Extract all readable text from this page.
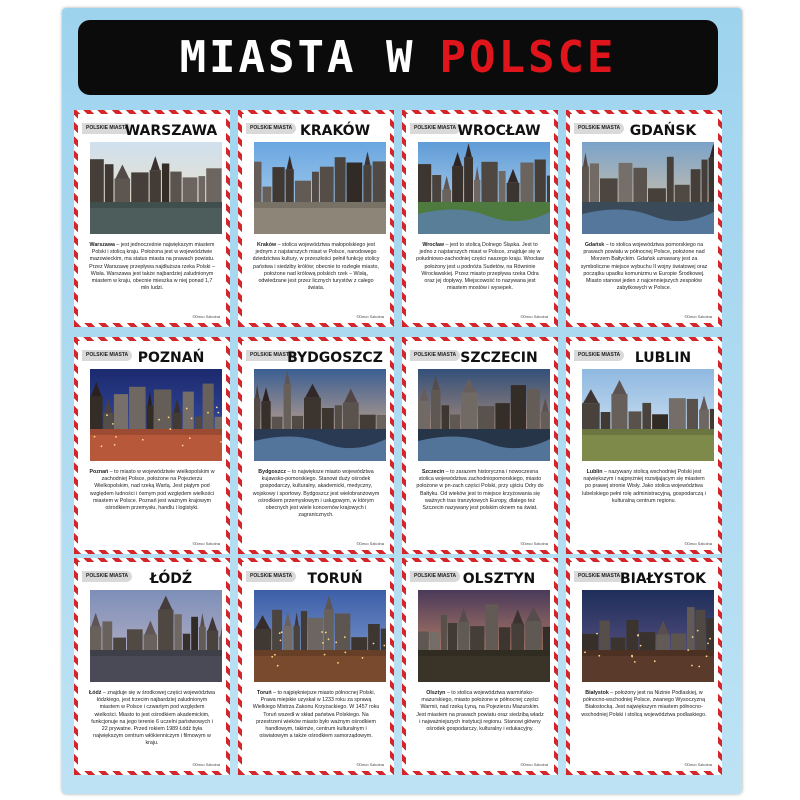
MIASTA W POLSCE
POLSKIE MIASTA
WARSZAWA
Warszawa – jest jednocześnie największym miastem Polski i stolicą kraju. Położona jest w województwie mazowieckim, ma status miasta na prawach powiatu. Przez Warszawę przepływa najdłuższa rzeka Polski – Wisła. Warszawa jest także najbardziej zaludnionym miastem w kraju, obecnie mieszka w niej ponad 1,7 mln ludzi.
©Deco Szkolna
POLSKIE MIASTA KRAKÓW
Kraków – stolica województwa małopolskiego jest jednym z najstarszych miast w Polsce, narodowego dziedzictwa kultury, w przeszłości pełnił funkcję stolicy państwa i siedziby królów; obecnie to rozległe miasto, położone nad królową polskich rzek – Wisłą, odwiedzane jest przez licznych turystów z całego świata.
©Deco Szkolna
POLSKIE MIASTA WROCŁAW
Wrocław – jest to stolicą Dolnego Śląska. Jest to jedno z najstarszych miast w Polsce, znajduje się w południowo-zachodniej części naszego kraju. Wrocław położony jest u podnóża Sudetów, na Równinie Wrocławskiej. Przez miasto przepływa rzeka Odra oraz jej dopływy. Miejscowość to nazywana jest miastem mostów i wysepek.
©Deco Szkolna
POLSKIE MIASTA GDAŃSK
Gdańsk – to stolica województwa pomorskiego na prawach powiatu w północnej Polsce, położone nad Morzem Bałtyckim. Gdańsk uznawany jest za symboliczne miejsce wybuchu II wojny światowej oraz początku upadku komunizmu w Europie Środkowej. Miasto stanowi jeden z najcenniejszych zespołów zabytkowych w Polsce.
©Deco Szkolna
POLSKIE MIASTA POZNAŃ
Poznań – to miasto w województwie wielkopolskim w zachodniej Polsce, położone na Pojezierzu Wielkopolskim, nad rzeką Wartą. Jest piątym pod względem ludności i ósmym pod względem wielkości miastem w Polsce. Poznań jest ważnym krajowym ośrodkiem przemysłu, handlu i logistyki.
©Deco Szkolna
POLSKIE MIASTA
BYDGOSZCZ
Bydgoszcz – to największe miasto województwa kujawsko-pomorskiego. Stanowi duży ośrodek gospodarczy, kulturalny, akademicki, medyczny, wojskowy i sportowy. Bydgoszcz jest wielobranżowym ośrodkiem przemysłowym i usługowym, w którym obecnych jest wiele koncernów krajowych i zagranicznych.
©Deco Szkolna
POLSKIE MIASTA SZCZECIN
Szczecin – to zarazem historyczna i nowoczesna stolica województwa zachodniopomorskiego, miasto położone w pn-zach części Polski, przy ujściu Odry do Bałtyku. Od wieków jest to miejsce krzyżowania się ważnych tras tranzytowych Europy, dlatego też Szczecin nazywany jest polskim oknem na świat.
©Deco Szkolna
POLSKIE MIASTA	LUBLIN
Lublin – nazywany stolicą wschodniej Polski jest największym i najprężniej rozwijającym się miastem po prawej stronie Wisły. Jako stolica województwa lubelskiego pełni rolę administracyjną, gospodarczą i kulturalną centrum regionu.
©Deco Szkolna
POLSKIE MIASTA	ŁÓDŹ
Łódź – znajduje się w środkowej części województwa łódzkiego, jest trzecim najbardziej zaludnionym miastem w Polsce i czwartym pod względem wielkości. Miasto to jest ośrodkiem akademickim, funkcjonuje na jego terenie 6 uczelni państwowych i 22 prywatne. Przed rokiem 1989 Łódź była największym centrum włókienniczym i filmowym w kraju.
©Deco Szkolna
POLSKIE MIASTA	TORUŃ
Toruń – to najpiękniejsze miasto północnej Polski. Prawa miejskie uzyskał w 1233 roku za sprawą Wielkiego Mistrza Zakonu Krzyżackiego. W 1457 roku Toruń wszedł w skład państwa Polskiego. Na przestrzeni wieków miasto było ważnym ośrodkiem handlowym, takimże, centrum kulturalnym i oświatowym a także ośrodkiem samorządowym.
©Deco Szkolna
POLSKIE MIASTA OLSZTYN
Olsztyn – to stolica województwa warmińsko-mazurskiego, miasto położone w północnej części Warmii, nad rzeką Łyną, na Pojezierzu Mazurskim. Jest miastem na prawach powiatu oraz siedzibą władz i najważniejszych instytucji regionu. Stanowi główny ośrodek gospodarczy, kulturalny i edukacyjny.
©Deco Szkolna
POLSKIE MIASTA BIAŁYSTOK
Białystok – położony jest na Nizinie Podlaskiej, w północno-wschodniej Polsce, zwanego Wysoczyzną Białostocką. Jest największym miastem północno-wschodniej Polski i stolicą województwa podlaskiego.
©Deco Szkolna
